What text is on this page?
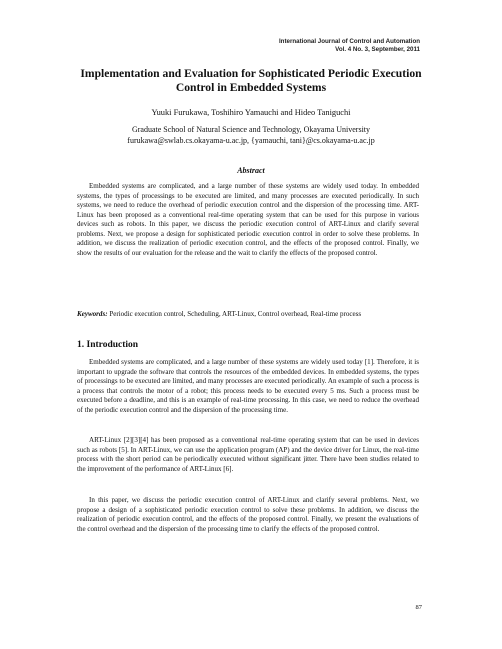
International Journal of Control and Automation
Vol. 4 No. 3, September, 2011
Implementation and Evaluation for Sophisticated Periodic Execution
Control in Embedded Systems
Yuuki Furukawa, Toshihiro Yamauchi and Hideo Taniguchi
Graduate School of Natural Science and Technology, Okayama University
furukawa@swlab.cs.okayama-u.ac.jp, {yamauchi, tani}@cs.okayama-u.ac.jp
Abstract
Embedded systems are complicated, and a large number of these systems are widely used today. In embedded systems, the types of processings to be executed are limited, and many processes are executed periodically. In such systems, we need to reduce the overhead of periodic execution control and the dispersion of the processing time. ART-Linux has been proposed as a conventional real-time operating system that can be used for this purpose in various devices such as robots. In this paper, we discuss the periodic execution control of ART-Linux and clarify several problems. Next, we propose a design for sophisticated periodic execution control in order to solve these problems. In addition, we discuss the realization of periodic execution control, and the effects of the proposed control. Finally, we show the results of our evaluation for the release and the wait to clarify the effects of the proposed control.
Keywords: Periodic execution control, Scheduling, ART-Linux, Control overhead, Real-time process
1. Introduction
Embedded systems are complicated, and a large number of these systems are widely used today [1]. Therefore, it is important to upgrade the software that controls the resources of the embedded devices. In embedded systems, the types of processings to be executed are limited, and many processes are executed periodically. An example of such a process is a process that controls the motor of a robot; this process needs to be executed every 5 ms. Such a process must be executed before a deadline, and this is an example of real-time processing. In this case, we need to reduce the overhead of the periodic execution control and the dispersion of the processing time.
ART-Linux [2][3][4] has been proposed as a conventional real-time operating system that can be used in devices such as robots [5]. In ART-Linux, we can use the application program (AP) and the device driver for Linux, the real-time process with the short period can be periodically executed without significant jitter. There have been studies related to the improvement of the performance of ART-Linux [6].
In this paper, we discuss the periodic execution control of ART-Linux and clarify several problems. Next, we propose a design of a sophisticated periodic execution control to solve these problems. In addition, we discuss the realization of periodic execution control, and the effects of the proposed control. Finally, we present the evaluations of the control overhead and the dispersion of the processing time to clarify the effects of the proposed control.
87
